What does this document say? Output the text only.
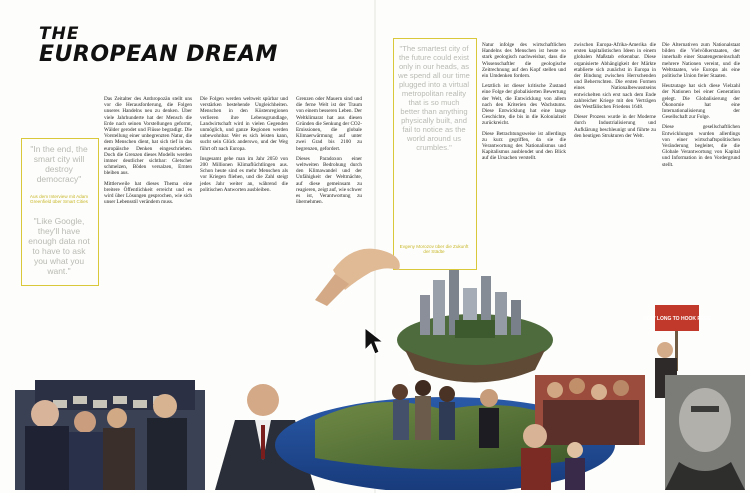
THE
EUROPEAN DREAM
"In the end, the smart city will destroy democracy"
Aus dem Interview mit Adam Greenfield über Smart Cities
"Like Google, they'll have enough data not to have to ask you what you want."

Das Zeitalter des Anthropozän stellt uns vor die Herausforderung, die Folgen unseres Handelns neu zu denken. Über viele Jahrhunderte hat der Mensch die Erde nach seinen Vorstellungen geformt, Wälder gerodet und Flüsse begradigt. Die Vorstellung einer unbegrenzten Natur, die dem Menschen dient, hat sich tief in das europäische Denken eingeschrieben. Doch die Grenzen dieses Modells werden immer deutlicher sichtbar: Gletscher schmelzen, Böden versalzen, Ernten bleiben aus.

Mittlerweile hat dieses Thema eine breitere Öffentlichkeit erreicht und es wird über Lösungen gesprochen, wie sich unser Lebensstil verändern muss.

Die Folgen werden weltweit spürbar und verstärken bestehende Ungleichheiten. Menschen in den Küstenregionen verlieren ihre Lebensgrundlage, Landwirtschaft wird in vielen Gegenden unmöglich, und ganze Regionen werden unbewohnbar. Wer es sich leisten kann, sucht sein Glück anderswo, und der Weg führt oft nach Europa.

Insgesamt gehe man im Jahr 2050 von 200 Millionen Klimaflüchtlingen aus. Schon heute sind es mehr Menschen als vor Kriegen fliehen, und die Zahl steigt jedes Jahr weiter an, während die politischen Antworten ausbleiben.

Grenzen oder Mauern sind und die ferne Welt ist der Traum von einem besseren Leben. Der Weltklimarat hat aus diesen Gründen die Senkung der CO2-Emissionen, die globale Klimaerwärmung auf unter zwei Grad bis 2100 zu begrenzen, gefordert.

Dieses Paradoxon einer weltweiten Bedrohung durch den Klimawandel und der Unfähigkeit der Weltmächte, auf diese gemeinsam zu reagieren, zeigt auf, wie schwer es ist, Verantwortung zu übernehmen.

"The smartest city of the future could exist only in our heads, as we spend all our time plugged into a virtual metropolitan reality that is so much better than anything physically built, and fail to notice as the world around us crumbles."
Evgeny Morozov über die Zukunft der Städte

Natur infolge des wirtschaftlichen Handelns des Menschen ist heute so stark geologisch nachweisbar, dass die Wissenschaftler die geologische Zeitrechnung auf den Kopf stellen und ein Umdenken fordern.

Letztlich ist dieser kritische Zustand eine Folge der globalisierten Bewertung der Welt, die Entwicklung von allem nach den Kriterien des Wachstums. Diese Entwicklung hat eine lange Geschichte, die bis in die Kolonialzeit zurückreicht.

Diese Betrachtungsweise ist allerdings zu kurz gegriffen, da sie die Verantwortung des Nationalismus und Kapitalismus ausblendet und den Blick auf die Ursachen verstellt.

zwischen Europa-Afrika-Amerika die ersten kapitalistischen Ideen in einem globalen Maßstab erkennbar. Diese organisierte Abhängigkeit der Märkte etablierte sich zunächst in Europa in der Bindung zwischen Herrschenden und Beherrschten. Die ersten Formen eines Nationalbewusstseins entwickelten sich erst nach dem Ende zahlreicher Kriege mit den Verträgen des Westfälischen Friedens 1648.

Dieser Prozess wurde in der Moderne durch Industrialisierung und Aufklärung beschleunigt und führte zu den heutigen Strukturen der Welt.

Die Alternativen zum Nationalstaat bilden die Vielvölkerstaaten, der innerhalb einer Staatengemeinschaft mehrere Nationen vereint, und die Weltstaaten, wie Europa als eine politische Union freier Staaten.

Heutzutage hat sich diese Vielzahl der Nationen bei einer Generation gelegt. Die Globalisierung der Ökonomie hat eine Internationalisierung der Gesellschaft zur Folge.

Diese gesellschaftlichen Entwicklungen wurden allerdings von einer wirtschaftspolitischen Veränderung begleitet, die die Globale Verantwortung von Kapital und Information in den Vordergrund stellt.

HOW LONG TO HOOK FREE
